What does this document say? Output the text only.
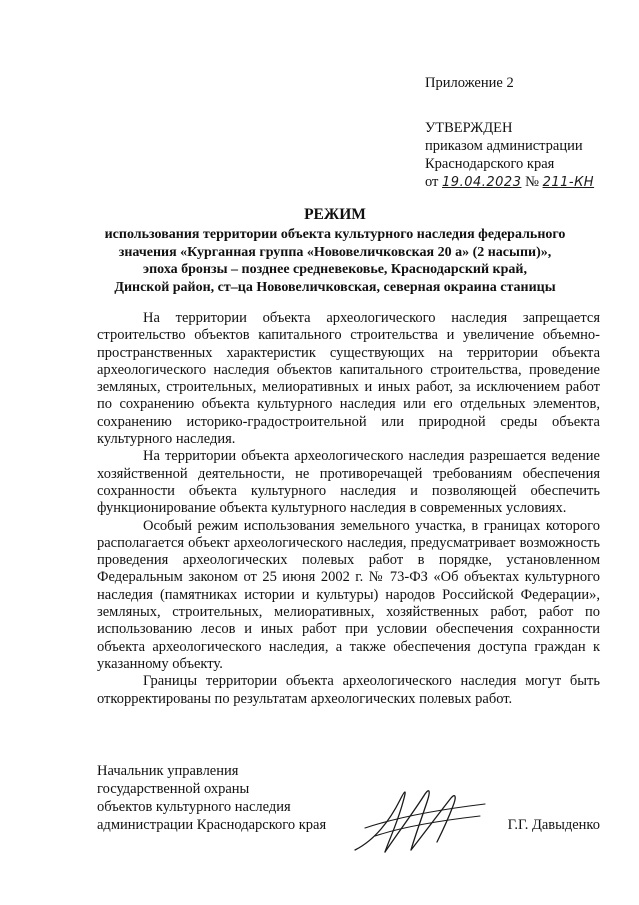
Приложение 2

УТВЕРЖДЕН

приказом администрации

Краснодарского края

от 19.04.2023 № 211-КН

РЕЖИМ
использования территории объекта культурного наследия федерального
значения «Курганная группа «Нововеличковская 20 а» (2 насыпи)»,
эпоха бронзы – позднее средневековье, Краснодарский край,
Динской район, ст–ца Нововеличковская, северная окраина станицы

На территории объекта археологического наследия запрещается строительство объектов капитального строительства и увеличение объемно-пространственных характеристик существующих на территории объекта археологического наследия объектов капитального строительства, проведение земляных, строительных, мелиоративных и иных работ, за исключением работ по сохранению объекта культурного наследия или его отдельных элементов, сохранению историко-градостроительной или природной среды объекта культурного наследия.

На территории объекта археологического наследия разрешается ведение хозяйственной деятельности, не противоречащей требованиям обеспечения сохранности объекта культурного наследия и позволяющей обеспечить функционирование объекта культурного наследия в современных условиях.

Особый режим использования земельного участка, в границах которого располагается объект археологического наследия, предусматривает возможность проведения археологических полевых работ в порядке, установленном Федеральным законом от 25 июня 2002 г. № 73-ФЗ «Об объектах культурного наследия (памятниках истории и культуры) народов Российской Федерации», земляных, строительных, мелиоративных, хозяйственных работ, работ по использованию лесов и иных работ при условии обеспечения сохранности объекта археологического наследия, а также обеспечения доступа граждан к указанному объекту.

Границы территории объекта археологического наследия могут быть откорректированы по результатам археологических полевых работ.

Начальник управления
государственной охраны
объектов культурного наследия
администрации Краснодарского края	Г.Г. Давыденко
